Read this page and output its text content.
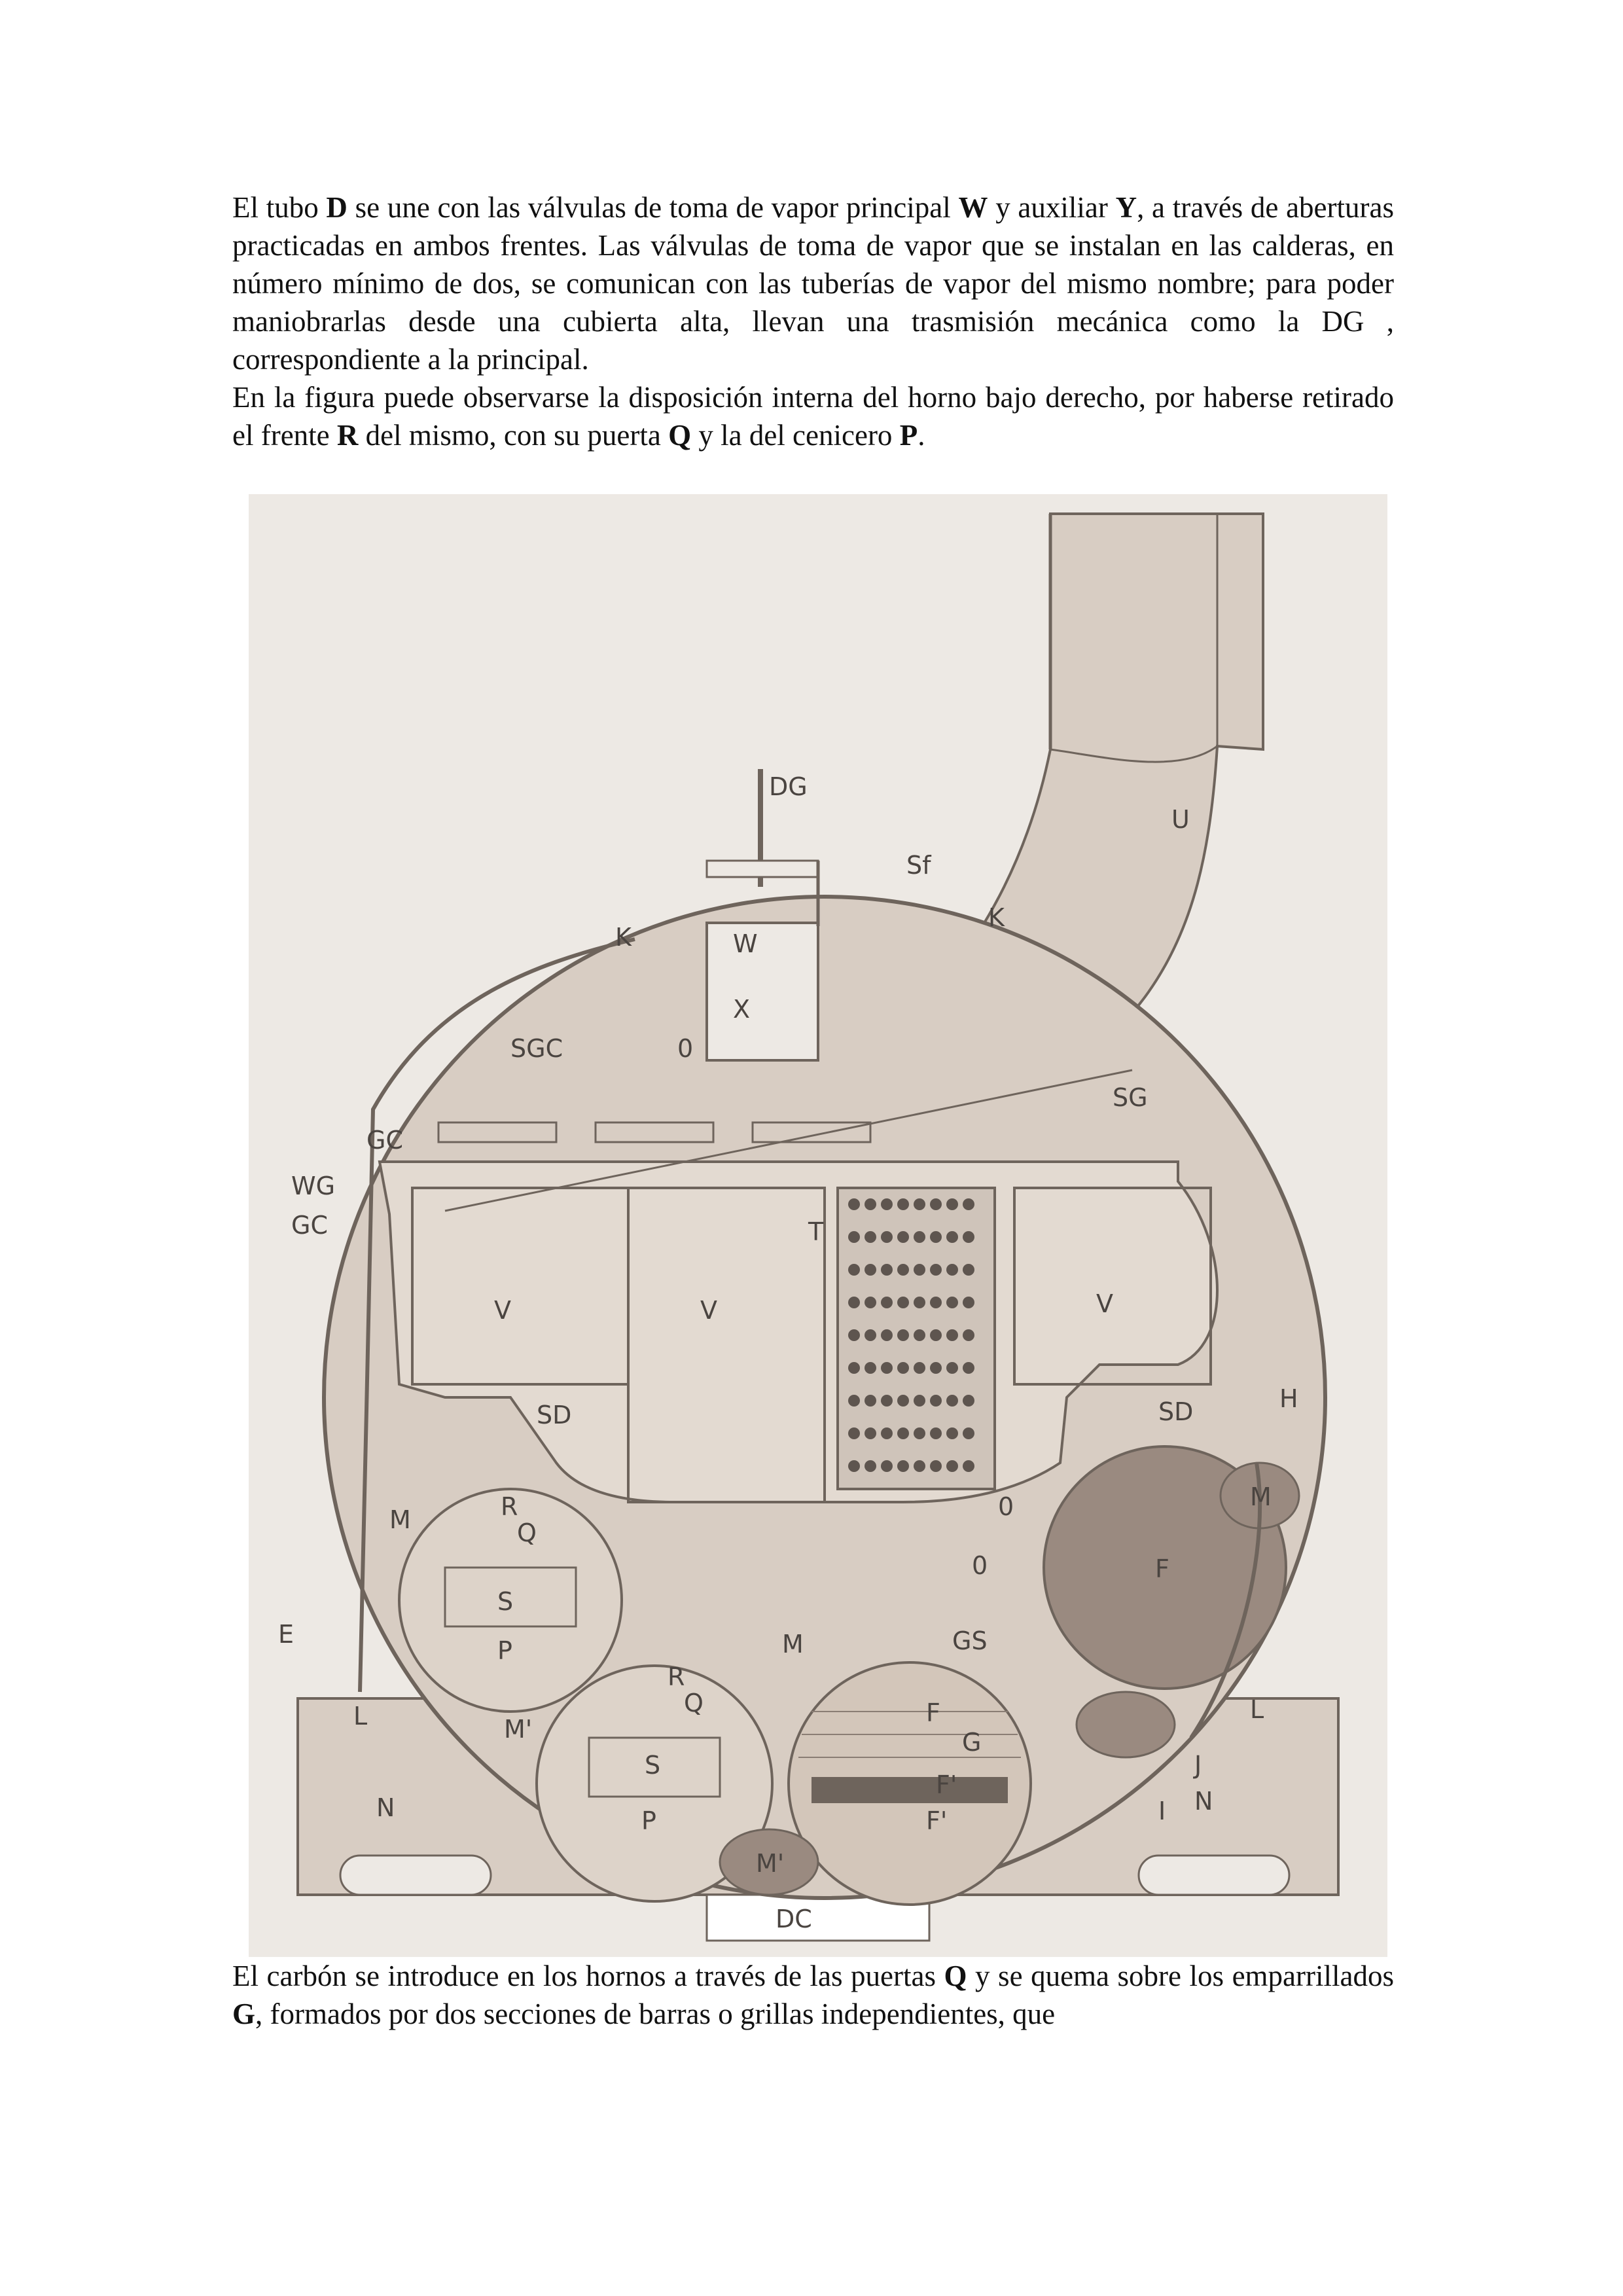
El tubo D se une con las válvulas de toma de vapor principal W y auxiliar Y, a través de aberturas practicadas en ambos frentes. Las válvulas de toma de vapor que se instalan en las calderas, en número mínimo de dos, se comunican con las tuberías de vapor del mismo nombre; para poder maniobrarlas desde una cubierta alta, llevan una trasmisión mecánica como la DG , correspondiente a la principal.
En la figura puede observarse la disposición interna del horno bajo derecho, por haberse retirado el frente R del mismo, con su puerta Q y la del cenicero P.

DG
Sf
K
K
W
X
U
SGC
SG
GC
WG
GC	T
V	V	V
SD	SD	H
M
F
M	R
Q
S
P
E
L	M'
N
R
Q
S
P
M	GS
F
G
F'
F'
M'
L
J
I N
DC
0
0
0

El carbón se introduce en los hornos a través de las puertas Q y se quema sobre los emparrillados G, formados por dos secciones de barras o grillas independientes, que
